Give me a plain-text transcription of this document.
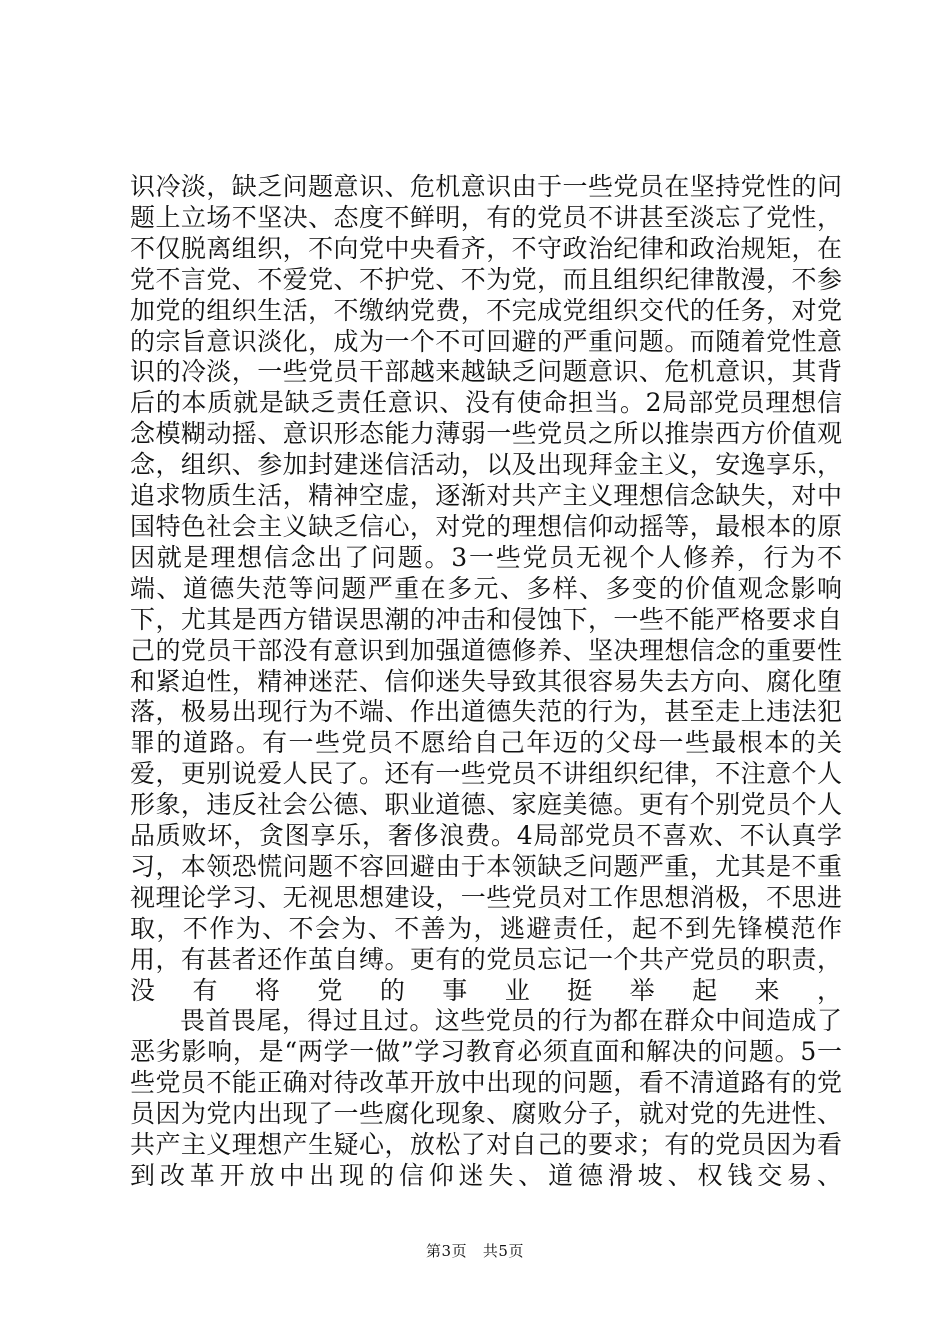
识冷淡，缺乏问题意识、危机意识由于一些党员在坚持党性的问题上立场不坚决、态度不鲜明，有的党员不讲甚至淡忘了党性，不仅脱离组织，不向党中央看齐，不守政治纪律和政治规矩，在党不言党、不爱党、不护党、不为党，而且组织纪律散漫，不参加党的组织生活，不缴纳党费，不完成党组织交代的任务，对党的宗旨意识淡化，成为一个不可回避的严重问题。而随着党性意识的冷淡，一些党员干部越来越缺乏问题意识、危机意识，其背后的本质就是缺乏责任意识、没有使命担当。2局部党员理想信念模糊动摇、意识形态能力薄弱一些党员之所以推崇西方价值观念，组织、参加封建迷信活动，以及出现拜金主义，安逸享乐，追求物质生活，精神空虚，逐渐对共产主义理想信念缺失，对中国特色社会主义缺乏信心，对党的理想信仰动摇等，最根本的原因就是理想信念出了问题。3一些党员无视个人修养，行为不端、道德失范等问题严重在多元、多样、多变的价值观念影响下，尤其是西方错误思潮的冲击和侵蚀下，一些不能严格要求自己的党员干部没有意识到加强道德修养、坚决理想信念的重要性和紧迫性，精神迷茫、信仰迷失导致其很容易失去方向、腐化堕落，极易出现行为不端、作出道德失范的行为，甚至走上违法犯罪的道路。有一些党员不愿给自己年迈的父母一些最根本的关爱，更别说爱人民了。还有一些党员不讲组织纪律，不注意个人形象，违反社会公德、职业道德、家庭美德。更有个别党员个人品质败坏，贪图享乐，奢侈浪费。4局部党员不喜欢、不认真学习，本领恐慌问题不容回避由于本领缺乏问题严重，尤其是不重视理论学习、无视思想建设，一些党员对工作思想消极，不思进取，不作为、不会为、不善为，逃避责任，起不到先锋模范作用，有甚者还作茧自缚。更有的党员忘记一个共产党员的职责，没有将党的事业挺举起来，

畏首畏尾，得过且过。这些党员的行为都在群众中间造成了恶劣影响，是“两学一做”学习教育必须直面和解决的问题。5一些党员不能正确对待改革开放中出现的问题，看不清道路有的党员因为党内出现了一些腐化现象、腐败分子，就对党的先进性、共产主义理想产生疑心，放松了对自己的要求；有的党员因为看到改革开放中出现的信仰迷失、道德滑坡、权钱交易、

第3页 共5页
